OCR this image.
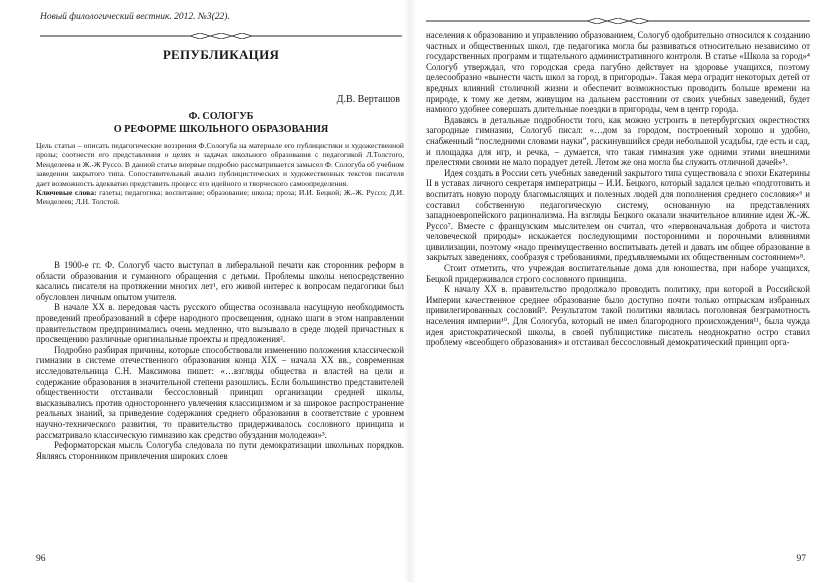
Новый филологический вестник. 2012. №3(22).
РЕПУБЛИКАЦИЯ
Д.В. Верташов
Ф. СОЛОГУБ
О РЕФОРМЕ ШКОЛЬНОГО ОБРАЗОВАНИЯ
Цель статьи – описать педагогические воззрения Ф.Сологуба на материале его публицистики и художественной прозы; соотнести его представления о целях и задачах школьного образования с педагогикой Л.Толстого, Менделеева и Ж.-Ж Руссо. В данной статье впервые подробно рассматривается замысел Ф. Сологуба об учебном заведении закрытого типа. Сопоставительный анализ публицистических и художественных текстов писателя дает возможность адекватно представить процесс его идейного и творческого самоопределения.
Ключевые слова: газеты; педагогика; воспитание; образование; школа; проза; И.И. Бецкой; Ж.-Ж. Руссо; Д.И. Менделеев; Л.Н. Толстой.

В 1900-е гг. Ф. Сологуб часто выступал в либеральной печати как сторонник реформ в области образования и гуманного обращения с детьми. Проблемы школы непосредственно касались писателя на протяжении многих лет¹, его живой интерес к вопросам педагогики был обусловлен личным опытом учителя.

В начале XX в. передовая часть русского общества осознавала насущную необходимость проведений преобразований в сфере народного просвещения, однако шаги в этом направлении правительством предпринимались очень медленно, что вызывало в среде людей причастных к просвещению различные оригинальные проекты и предложения².

Подробно разбирая причины, которые способствовали изменению положения классической гимназии в системе отечественного образования конца XIX – начала XX вв., современная исследовательница С.Н. Максимова пишет: «…взгляды общества и властей на цели и содержание образования в значительной степени разошлись. Если большинство представителей общественности отстаивали бессословный принцип организации средней школы, высказывались против одностороннего увлечения классицизмом и за широкое распространение реальных знаний, за приведение содержания среднего образования в соответствие с уровнем научно-технического развития, то правительство придерживалось сословного принципа и рассматривало классическую гимназию как средство обуздания молодежи»³.

Реформаторская мысль Сологуба следовала по пути демократизации школьных порядков. Являясь сторонником привлечения широких слоев

96

населения к образованию и управлению образованием, Сологуб одобрительно относился к созданию частных и общественных школ, где педагогика могла бы развиваться относительно независимо от государственных программ и тщательного административного контроля. В статье «Школа за город»⁴ Сологуб утверждал, что городская среда пагубно действует на здоровье учащихся, поэтому целесообразно «вынести часть школ за город, в пригороды». Такая мера оградит некоторых детей от вредных влияний столичной жизни и обеспечит возможностью проводить больше времени на природе, к тому же детям, живущим на дальнем расстоянии от своих учебных заведений, будет намного удобнее совершать длительные поездки в пригороды, чем в центр города.

Вдаваясь в детальные подробности того, как можно устроить в петербургских окрестностях загородные гимназии, Сологуб писал: «…дом за городом, построенный хорошо и удобно, снабженный “последними словами науки”, раскинувшийся среди небольшой усадьбы, где есть и сад, и площадка для игр, и речка, – думается, что такая гимназия уже одними этими внешними прелестями своими не мало порадует детей. Летом же она могла бы служить отличной дачей»⁵.

Идея создать в России сеть учебных заведений закрытого типа существовала с эпохи Екатерины II в уставах личного секретаря императрицы – И.И. Бецкого, который задался целью «подготовить и воспитать новую породу благомыслящих и полезных людей для пополнения среднего сословия»⁶ и составил собственную педагогическую систему, основанную на представлениях западноевропейского рационализма. На взгляды Бецкого оказали значительное влияние идеи Ж.-Ж. Руссо⁷. Вместе с французским мыслителем он считал, что «первоначальная доброта и чистота человеческой природы» искажается последующими посторонними и порочными влияниями цивилизации, поэтому «надо преимущественно воспитывать детей и давать им общее образование в закрытых заведениях, сообразуя с требованиями, предъявляемыми их общественным состоянием»⁸.

Стоит отметить, что учреждая воспитательные дома для юношества, при наборе учащихся, Бецкой придерживался строго сословного принципа.

К началу XX в. правительство продолжало проводить политику, при которой в Российской Империи качественное среднее образование было доступно почти только отпрыскам избранных привилегированных сословий⁹. Результатом такой политики являлась поголовная безграмотность населения империи¹⁰. Для Сологуба, который не имел благородного происхождения¹¹, была чужда идея аристократической школы, в своей публицистике писатель неоднократно остро ставил проблему «всеобщего образования» и отстаивал бессословный демократический принцип орга-

97
